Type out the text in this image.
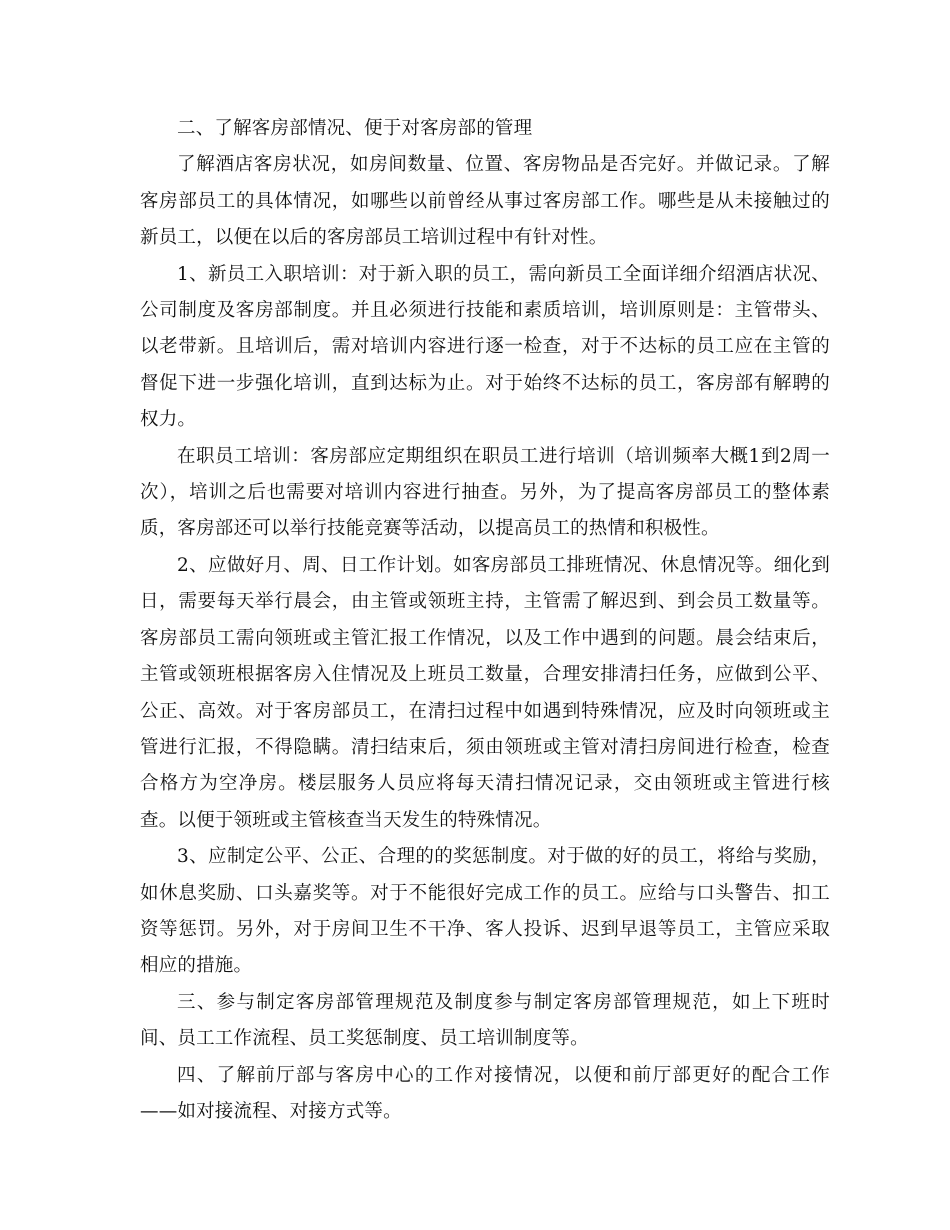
二、了解客房部情况、便于对客房部的管理

了解酒店客房状况，如房间数量、位置、客房物品是否完好。并做记录。了解客房部员工的具体情况，如哪些以前曾经从事过客房部工作。哪些是从未接触过的新员工，以便在以后的客房部员工培训过程中有针对性。

1、新员工入职培训：对于新入职的员工，需向新员工全面详细介绍酒店状况、公司制度及客房部制度。并且必须进行技能和素质培训，培训原则是：主管带头、以老带新。且培训后，需对培训内容进行逐一检查，对于不达标的员工应在主管的督促下进一步强化培训，直到达标为止。对于始终不达标的员工，客房部有解聘的权力。

在职员工培训：客房部应定期组织在职员工进行培训（培训频率大概1到2周一次），培训之后也需要对培训内容进行抽查。另外，为了提高客房部员工的整体素质，客房部还可以举行技能竞赛等活动，以提高员工的热情和积极性。

2、应做好月、周、日工作计划。如客房部员工排班情况、休息情况等。细化到日，需要每天举行晨会，由主管或领班主持，主管需了解迟到、到会员工数量等。客房部员工需向领班或主管汇报工作情况，以及工作中遇到的问题。晨会结束后，主管或领班根据客房入住情况及上班员工数量，合理安排清扫任务，应做到公平、公正、高效。对于客房部员工，在清扫过程中如遇到特殊情况，应及时向领班或主管进行汇报，不得隐瞒。清扫结束后，须由领班或主管对清扫房间进行检查，检查合格方为空净房。楼层服务人员应将每天清扫情况记录，交由领班或主管进行核查。以便于领班或主管核查当天发生的特殊情况。

3、应制定公平、公正、合理的的奖惩制度。对于做的好的员工，将给与奖励，如休息奖励、口头嘉奖等。对于不能很好完成工作的员工。应给与口头警告、扣工资等惩罚。另外，对于房间卫生不干净、客人投诉、迟到早退等员工，主管应采取相应的措施。

三、参与制定客房部管理规范及制度参与制定客房部管理规范，如上下班时间、员工工作流程、员工奖惩制度、员工培训制度等。

四、了解前厅部与客房中心的工作对接情况，以便和前厅部更好的配合工作——如对接流程、对接方式等。
